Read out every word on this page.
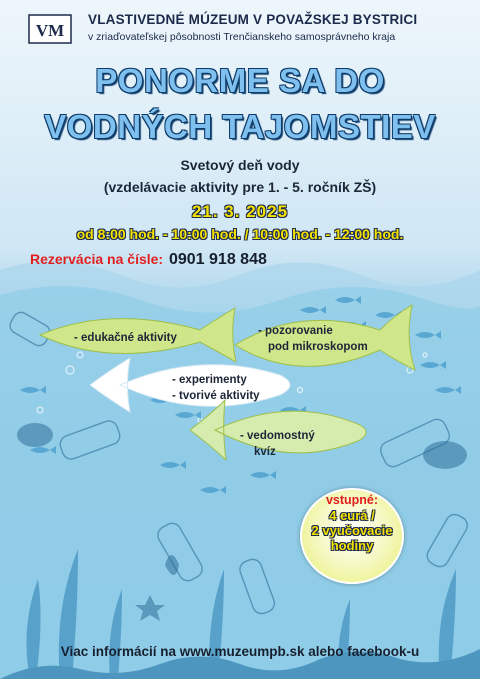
VM
VLASTIVEDNÉ MÚZEUM V POVAŽSKEJ BYSTRICI
v zriaďovateľskej pôsobnosti Trenčianskeho samosprávneho kraja
PONORME SA DO
VODNÝCH TAJOMSTIEV
Svetový deň vody
(vzdelávacie aktivity pre 1. - 5. ročník ZŠ)
21. 3. 2025
od 8:00 hod. - 10:00 hod. / 10:00 hod. - 12:00 hod.
Rezervácia na čísle: 0901 918 848
- edukačné aktivity
- pozorovanie
pod mikroskopom
- experimenty
- tvorivé aktivity
- vedomostný
kvíz
vstupné:
4 eurá /
2 vyučovacie
hodiny
Viac informácií na www.muzeumpb.sk alebo facebook-u
